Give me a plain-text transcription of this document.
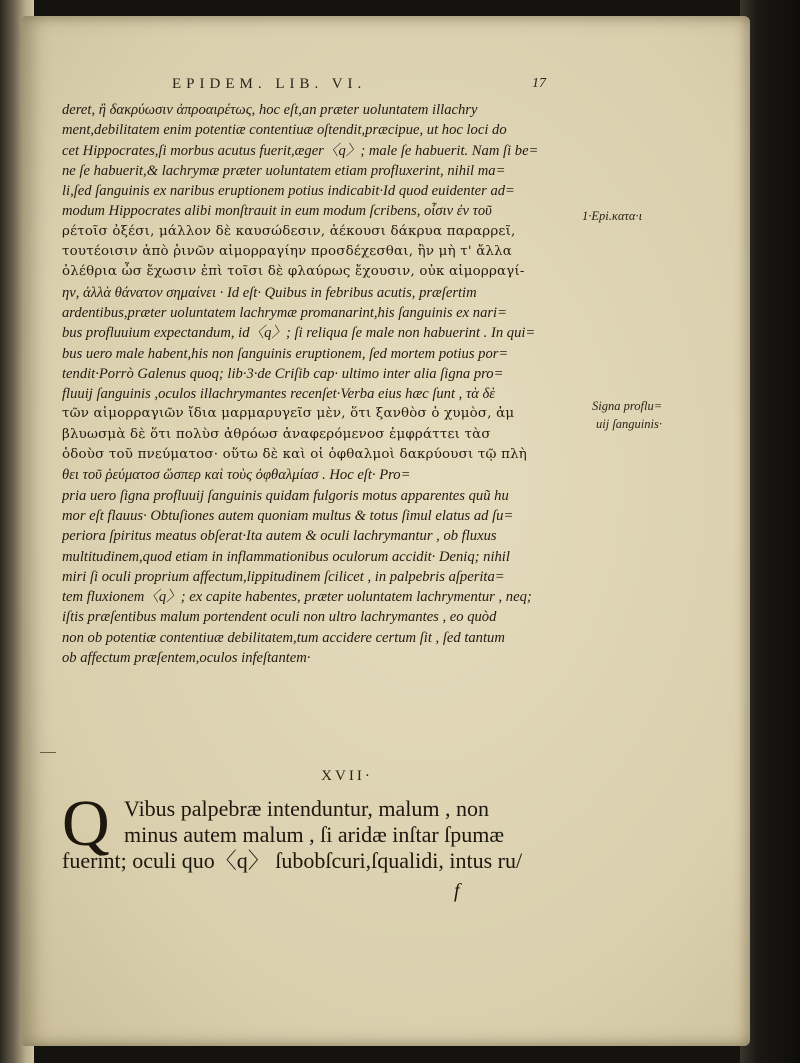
EPIDEM. LIB. VI.	17
deret, ἢ δακρύωσιν ἀπροαιρέτως, hoc eſt,an præter uoluntatem illachry
ment,debilitatem enim potentiæ contentiuæ oſtendit,præcipue, ut hoc loci do
cet Hippocrates,ſi morbus acutus fuerit,æger〈q〉; male ſe habuerit. Nam ſi be=
ne ſe habuerit,& lachrymæ præter uoluntatem etiam profluxerint, nihil ma=
li,ſed ſanguinis ex naribus eruptionem potius indicabit·Id quod euidenter ad=
modum Hippocrates alibi monſtrauit in eum modum ſcribens, οἷσιν ἐν τοῦ
ρέτοῖσ ὀξέσι, μάλλον δὲ καυσώδεσιν, ἀέκουσι δάκρυα παραρρεῖ,
τουτέοισιν ἀπὸ ῥινῶν αἱμορραγίην προσδέχεσθαι, ἢν μὴ τ' ἄλλα
ὀλέθρια ὦσ ἔχωσιν ἐπὶ τοῖσι δὲ φλαύρως ἔχουσιν, οὐκ αἱμορραγί-
ην, ἀλλὰ θάνατον σημαίνει · Id eſt· Quibus in febribus acutis, præſertim
ardentibus,præter uoluntatem lachrymæ promanarint,his ſanguinis ex nari=
bus profluuium expectandum, id〈q〉; ſi reliqua ſe male non habuerint . In qui=
bus uero male habent,his non ſanguinis eruptionem, ſed mortem potius por=
tendit·Porrò Galenus quoq; lib·3·de Criſib cap· ultimo inter alia ſigna pro=
fluuij ſanguinis ,oculos illachrymantes recenſet·Verba eius hæc ſunt , τὰ δὲ
τῶν αἱμορραγιῶν ἴδια μαρμαρυγεῖσ μὲν, ὅτι ξανθὸσ ὁ χυμὸσ, ἀμ
βλυωσμὰ δὲ ὅτι πολὺσ ἀθρόωσ ἀναφερόμενοσ ἐμφράττει τὰσ
ὁδοὺσ τοῦ πνεύματοσ· οὕτω δὲ καὶ οἱ ὀφθαλμοὶ δακρύουσι τῷ πλὴ
θει τοῦ ῥεύματοσ ὥσπερ καὶ τοὺς ὀφθαλμίασ . Hoc eſt· Pro=
pria uero ſigna profluuij ſanguinis quidam fulgoris motus apparentes quũ hu
mor eſt flauus· Obtuſiones autem quoniam multus & totus ſimul elatus ad ſu=
periora ſpiritus meatus obſerat·Ita autem & oculi lachrymantur , ob fluxus
multitudinem,quod etiam in inflammationibus oculorum accidit· Deniq; nihil
miri ſi oculi proprium affectum,lippitudinem ſcilicet , in palpebris aſperita=
tem fluxionem〈q〉; ex capite habentes, præter uoluntatem lachrymentur , neq;
iſtis præſentibus malum portendent oculi non ultro lachrymantes , eo quòd
non ob potentiæ contentiuæ debilitatem,tum accidere certum ſit , ſed tantum
ob affectum præſentem,oculos infeſtantem·
1·Epi.κατα·ι
Signa proflu=
uij ſanguinis·
XVII·
Q Vibus palpebræ intenduntur, malum , non
minus autem malum , ſi aridæ inſtar ſpumæ
fuerint; oculi quo〈q〉 ſubobſcuri,ſqualidi, intus ru/
f
